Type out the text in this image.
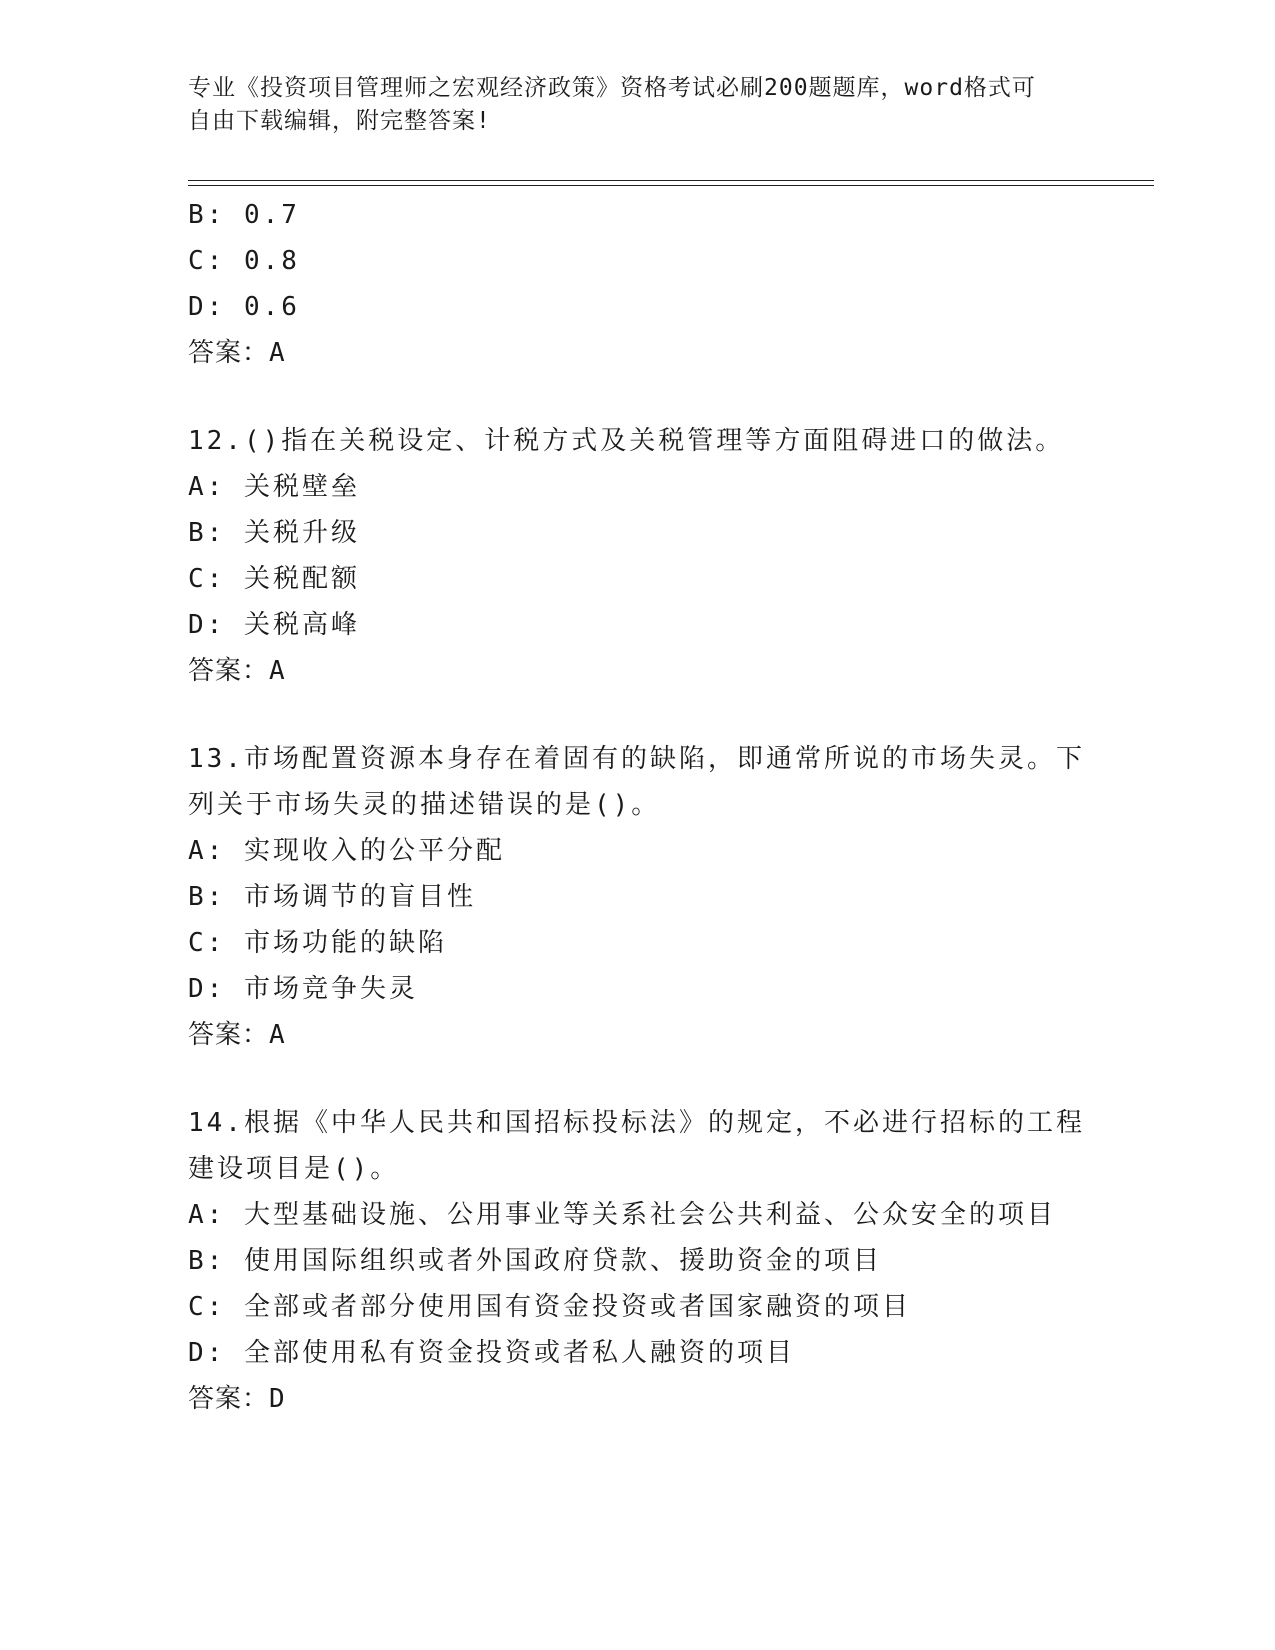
专业《投资项目管理师之宏观经济政策》资格考试必刷200题题库，word格式可
自由下载编辑，附完整答案!
B: 0.7
C: 0.8
D: 0.6
答案：A
12.()指在关税设定、计税方式及关税管理等方面阻碍进口的做法。
A: 关税壁垒
B: 关税升级
C: 关税配额
D: 关税高峰
答案：A
13.市场配置资源本身存在着固有的缺陷，即通常所说的市场失灵。下
列关于市场失灵的描述错误的是()。
A: 实现收入的公平分配
B: 市场调节的盲目性
C: 市场功能的缺陷
D: 市场竞争失灵
答案：A
14.根据《中华人民共和国招标投标法》的规定，不必进行招标的工程
建设项目是()。
A: 大型基础设施、公用事业等关系社会公共利益、公众安全的项目
B: 使用国际组织或者外国政府贷款、援助资金的项目
C: 全部或者部分使用国有资金投资或者国家融资的项目
D: 全部使用私有资金投资或者私人融资的项目
答案：D
